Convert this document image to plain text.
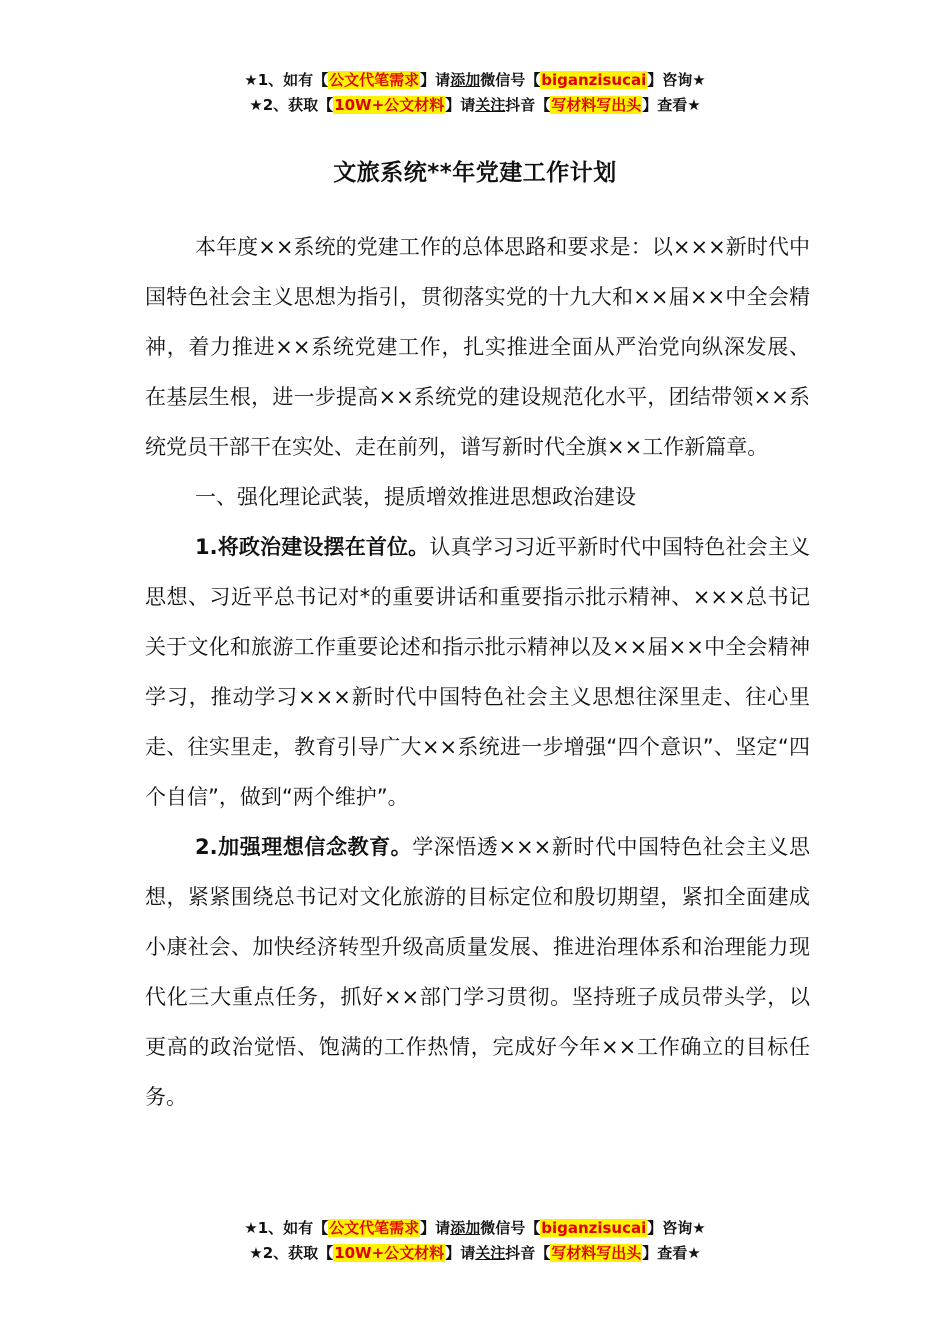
★1、如有【公文代笔需求】请添加微信号【biganzisucai】咨询★
★2、获取【10W+公文材料】请关注抖音【写材料写出头】查看★
文旅系统**年党建工作计划

本年度××系统的党建工作的总体思路和要求是：以×××新时代中国特色社会主义思想为指引，贯彻落实党的十九大和××届××中全会精神，着力推进××系统党建工作，扎实推进全面从严治党向纵深发展、在基层生根，进一步提高××系统党的建设规范化水平，团结带领××系统党员干部干在实处、走在前列，谱写新时代全旗××工作新篇章。

一、强化理论武装，提质增效推进思想政治建设

1.将政治建设摆在首位。认真学习习近平新时代中国特色社会主义思想、习近平总书记对*的重要讲话和重要指示批示精神、×××总书记关于文化和旅游工作重要论述和指示批示精神以及××届××中全会精神学习，推动学习×××新时代中国特色社会主义思想往深里走、往心里走、往实里走，教育引导广大××系统进一步增强“四个意识”、坚定“四个自信”，做到“两个维护”。

2.加强理想信念教育。学深悟透×××新时代中国特色社会主义思想，紧紧围绕总书记对文化旅游的目标定位和殷切期望，紧扣全面建成小康社会、加快经济转型升级高质量发展、推进治理体系和治理能力现代化三大重点任务，抓好××部门学习贯彻。坚持班子成员带头学，以更高的政治觉悟、饱满的工作热情，完成好今年××工作确立的目标任务。

★1、如有【公文代笔需求】请添加微信号【biganzisucai】咨询★
★2、获取【10W+公文材料】请关注抖音【写材料写出头】查看★
